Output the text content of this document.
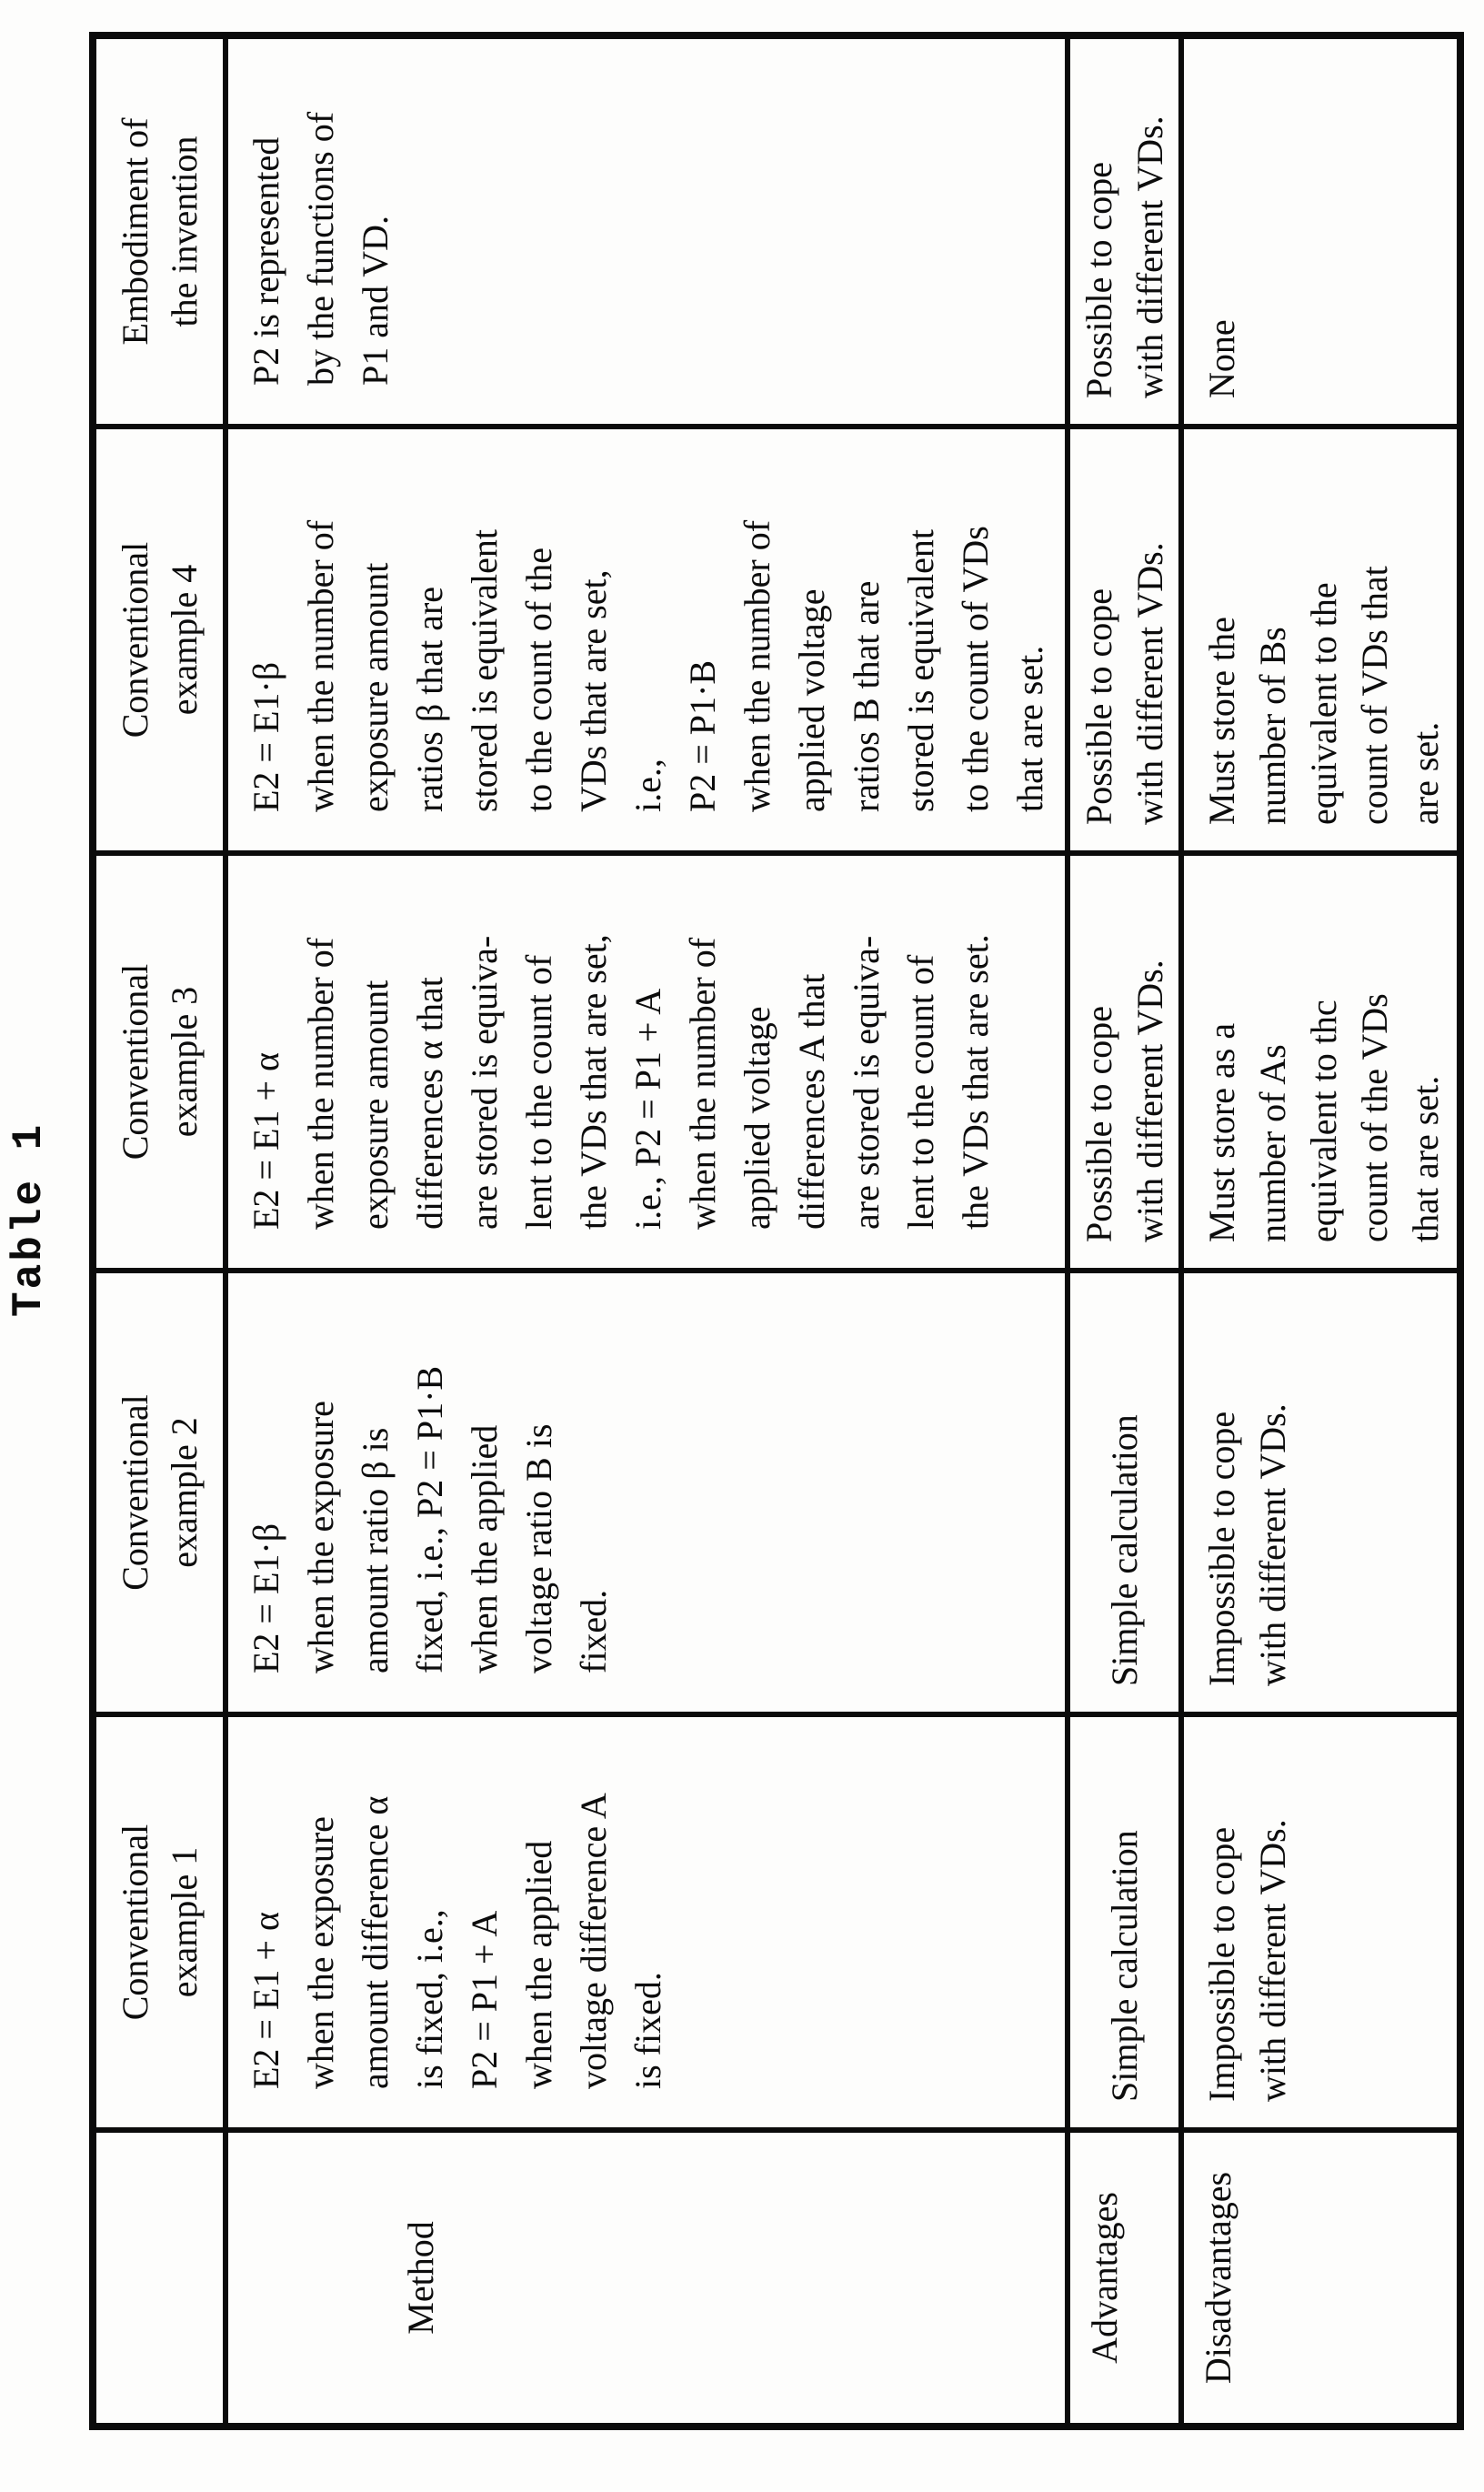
Table 1
	Conventional
example 1	Conventional
example 2	Conventional
example 3	Conventional
example 4	Embodiment of
the invention
Method	E2 = E1 + α
when the exposure
amount difference α
is fixed, i.e.,
P2 = P1 + A
when the applied
voltage difference A
is fixed.	E2 = E1·β
when the exposure
amount ratio β is
fixed, i.e., P2 = P1·B
when the applied
voltage ratio B is
fixed.	E2 = E1 + α
when the number of
exposure amount
differences α that
are stored is equiva-
lent to the count of
the VDs that are set,
i.e., P2 = P1 + A
when the number of
applied voltage
differences A that
are stored is equiva-
lent to the count of
the VDs that are set.	E2 = E1·β
when the number of
exposure amount
ratios β that are
stored is equivalent
to the count of the
VDs that are set,
i.e.,
P2 = P1·B
when the number of
applied voltage
ratios B that are
stored is equivalent
to the count of VDs
that are set.	P2 is represented
by the functions of
P1 and VD.
Advantages	Simple calculation	Simple calculation	Possible to cope
with different VDs.	Possible to cope
with different VDs.	Possible to cope
with different VDs.
Disadvantages	Impossible to cope
with different VDs.	Impossible to cope
with different VDs.	Must store as a
number of As
equivalent to thc
count of the VDs
that are set.	Must store the
number of Bs
equivalent to the
count of VDs that
are set.	None
